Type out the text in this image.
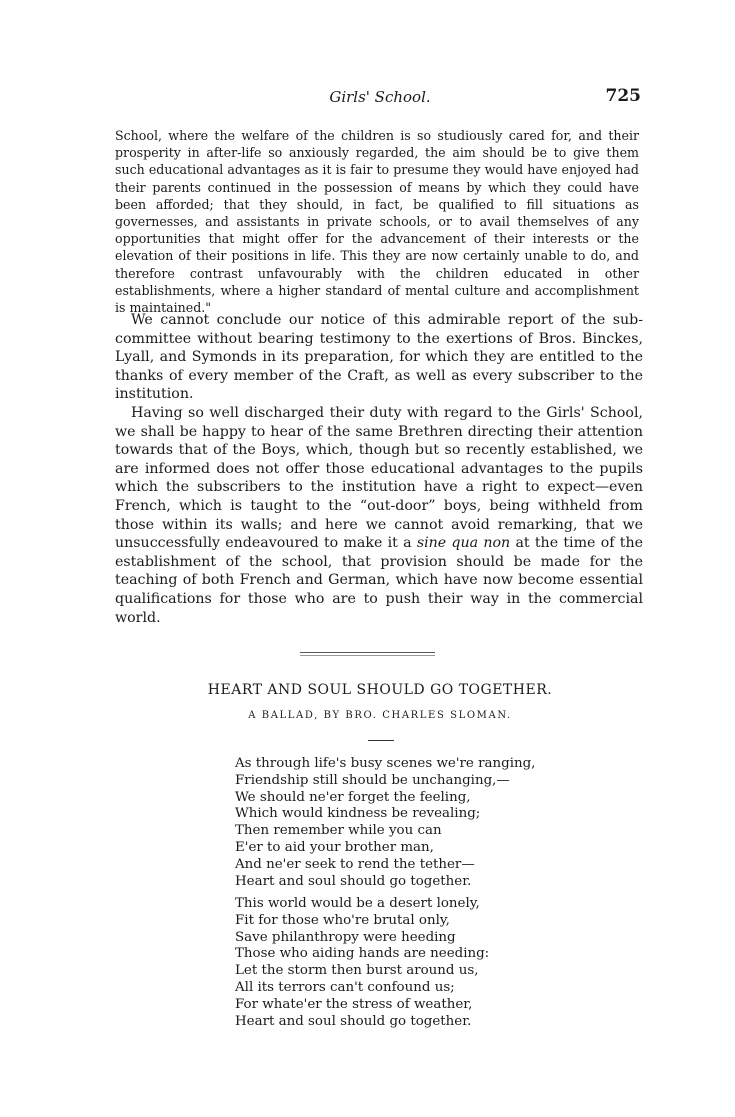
Girls' School.	725

School, where the welfare of the children is so studiously cared for, and their prosperity in after-life so anxiously regarded, the aim should be to give them such educational advantages as it is fair to presume they would have enjoyed had their parents continued in the possession of means by which they could have been afforded; that they should, in fact, be qualified to fill situations as governesses, and assistants in private schools, or to avail themselves of any opportunities that might offer for the advancement of their interests or the elevation of their positions in life. This they are now certainly unable to do, and therefore contrast unfavourably with the children educated in other establishments, where a higher standard of mental culture and accomplishment is maintained."

We cannot conclude our notice of this admirable report of the sub-committee without bearing testimony to the exertions of Bros. Binckes, Lyall, and Symonds in its preparation, for which they are entitled to the thanks of every member of the Craft, as well as every subscriber to the institution.

Having so well discharged their duty with regard to the Girls' School, we shall be happy to hear of the same Brethren directing their attention towards that of the Boys, which, though but so recently established, we are informed does not offer those educational advantages to the pupils which the subscribers to the institution have a right to expect—even French, which is taught to the “out-door” boys, being withheld from those within its walls; and here we cannot avoid remarking, that we unsuccessfully endeavoured to make it a sine qua non at the time of the establishment of the school, that provision should be made for the teaching of both French and German, which have now become essential qualifications for those who are to push their way in the commercial world.

HEART AND SOUL SHOULD GO TOGETHER.
A BALLAD, BY BRO. CHARLES SLOMAN.
As through life's busy scenes we're ranging,
Friendship still should be unchanging,—
We should ne'er forget the feeling,
Which would kindness be revealing;
Then remember while you can
E'er to aid your brother man,
And ne'er seek to rend the tether—
Heart and soul should go together.
This world would be a desert lonely,
Fit for those who're brutal only,
Save philanthropy were heeding
Those who aiding hands are needing:
Let the storm then burst around us,
All its terrors can't confound us;
For whate'er the stress of weather,
Heart and soul should go together.
